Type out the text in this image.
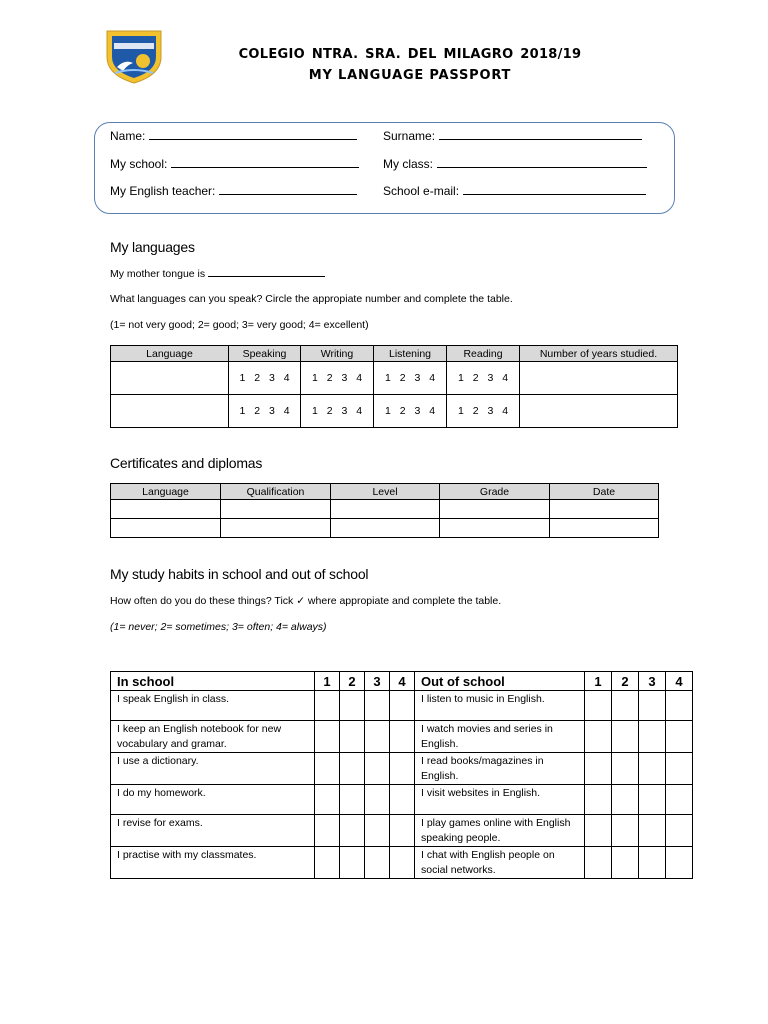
COLEGIO NTRA. SRA. DEL MILAGRO 2018/19
MY LANGUAGE PASSPORT
Name:	Surname:
My school:	My class:
My English teacher:	School e-mail:
My languages
My mother tongue is
What languages can you speak? Circle the appropiate number and complete the table.
(1= not very good; 2= good; 3= very good; 4= excellent)
Language	Speaking	Writing	Listening	Reading	Number of years studied.
	1 2 3 4	1 2 3 4	1 2 3 4	1 2 3 4	
	1 2 3 4	1 2 3 4	1 2 3 4	1 2 3 4	
Certificates and diplomas
Language	Qualification	Level	Grade	Date

My study habits in school and out of school
How often do you do these things? Tick ✓ where appropiate and complete the table.
(1= never; 2= sometimes; 3= often; 4= always)
In school	1	2	3	4	Out of school	1	2	3	4
I speak English in class.					I listen to music in English.				
I keep an English notebook for new vocabulary and gramar.					I watch movies and series in English.				
I use a dictionary.					I read books/magazines in English.				
I do my homework.					I visit websites in English.				
I revise for exams.					I play games online with English speaking people.				
I practise with my classmates.					I chat with English people on social networks.				
